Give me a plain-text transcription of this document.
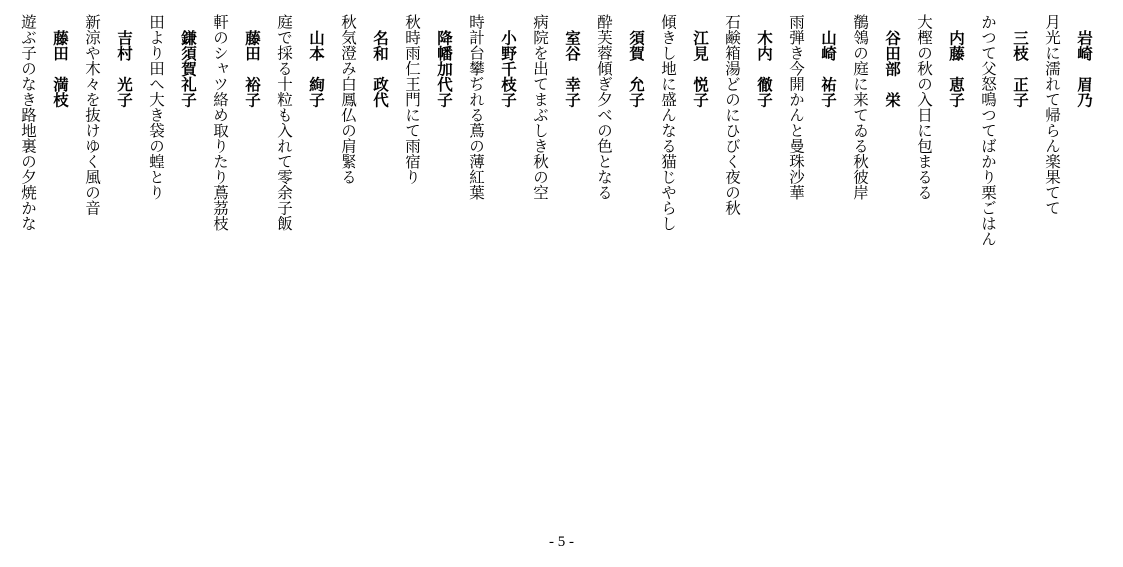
岩崎　眉乃
月光に濡れて帰らん楽果てて
三枝　正子
かつて父怒鳴つてばかり栗ごはん
内藤　恵子
大樫の秋の入日に包まるる
谷田部　栄
鶺鴒の庭に来てゐる秋彼岸
山崎　祐子
雨弾き今開かんと曼珠沙華
木内　徹子
石鹸箱湯どのにひびく夜の秋
江見　悦子
傾きし地に盛んなる猫じやらし
須賀　允子
酔芙蓉傾ぎ夕べの色となる
室谷　幸子
病院を出てまぶしき秋の空
小野千枝子
時計台攀ぢれる蔦の薄紅葉
降幡加代子
秋時雨仁王門にて雨宿り
名和　政代
秋気澄み白鳳仏の肩緊る
山本　絢子
庭で採る十粒も入れて零余子飯
藤田　裕子
軒のシャツ絡め取りたり蔦茘枝
鎌須賀礼子
田より田へ大き袋の蝗とり
吉村　光子
新涼や木々を抜けゆく風の音
藤田　満枝
遊ぶ子のなき路地裏の夕焼かな
- 5 -
